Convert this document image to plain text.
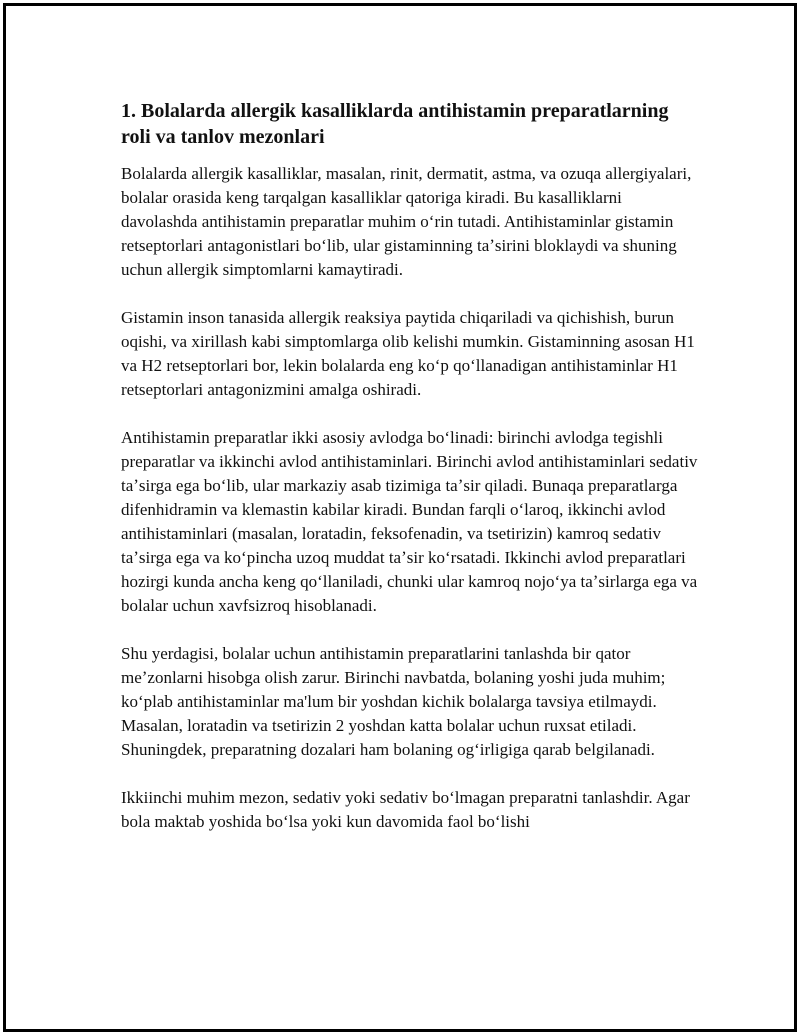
1. Bolalarda allergik kasalliklarda antihistamin preparatlarning roli va tanlov mezonlari

Bolalarda allergik kasalliklar, masalan, rinit, dermatit, astma, va ozuqa allergiyalari, bolalar orasida keng tarqalgan kasalliklar qatoriga kiradi. Bu kasalliklarni davolashda antihistamin preparatlar muhim oʻrin tutadi. Antihistaminlar gistamin retseptorlari antagonistlari boʻlib, ular gistaminning taʼsirini bloklaydi va shuning uchun allergik simptomlarni kamaytiradi.

Gistamin inson tanasida allergik reaksiya paytida chiqariladi va qichishish, burun oqishi, va xirillash kabi simptomlarga olib kelishi mumkin. Gistaminning asosan H1 va H2 retseptorlari bor, lekin bolalarda eng koʻp qoʻllanadigan antihistaminlar H1 retseptorlari antagonizmini amalga oshiradi.

Antihistamin preparatlar ikki asosiy avlodga boʻlinadi: birinchi avlodga tegishli preparatlar va ikkinchi avlod antihistaminlari. Birinchi avlod antihistaminlari sedativ taʼsirga ega boʻlib, ular markaziy asab tizimiga taʼsir qiladi. Bunaqa preparatlarga difenhidramin va klemastin kabilar kiradi. Bundan farqli oʻlaroq, ikkinchi avlod antihistaminlari (masalan, loratadin, feksofenadin, va tsetirizin) kamroq sedativ taʼsirga ega va koʻpincha uzoq muddat taʼsir koʻrsatadi. Ikkinchi avlod preparatlari hozirgi kunda ancha keng qoʻllaniladi, chunki ular kamroq nojoʻya taʼsirlarga ega va bolalar uchun xavfsizroq hisoblanadi.

Shu yerdagisi, bolalar uchun antihistamin preparatlarini tanlashda bir qator meʼzonlarni hisobga olish zarur. Birinchi navbatda, bolaning yoshi juda muhim; koʻplab antihistaminlar ma'lum bir yoshdan kichik bolalarga tavsiya etilmaydi. Masalan, loratadin va tsetirizin 2 yoshdan katta bolalar uchun ruxsat etiladi. Shuningdek, preparatning dozalari ham bolaning ogʻirligiga qarab belgilanadi.

Ikkiinchi muhim mezon, sedativ yoki sedativ boʻlmagan preparatni tanlashdir. Agar bola maktab yoshida boʻlsa yoki kun davomida faol boʻlishi
